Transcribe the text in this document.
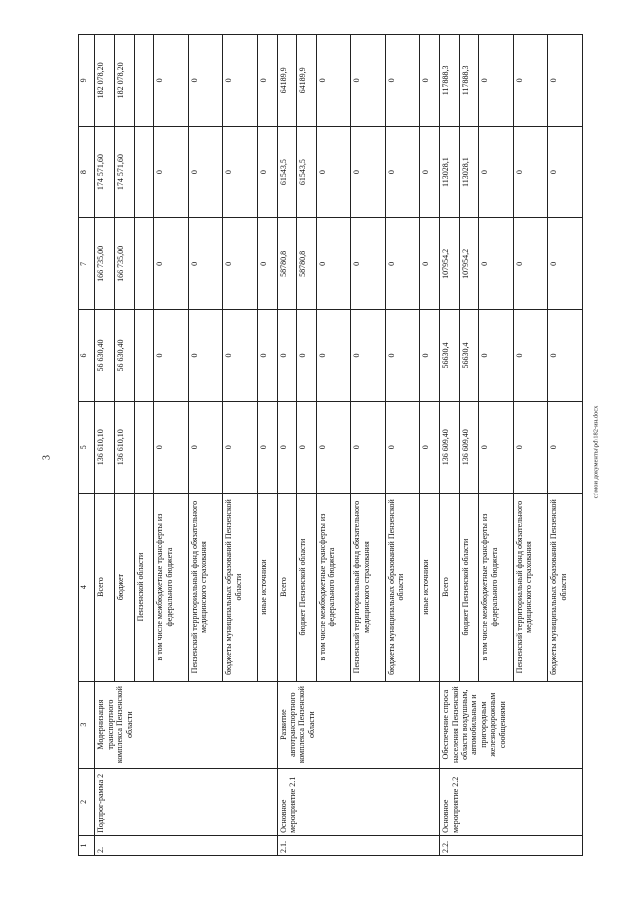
3	c:\мои документы\pd\182-ин.docx
1	2	3	4	5	6	7	8	9
2.	Подпрог-рамма 2	Модернизация транспортного комплекса Пензенской области	Всего	136 610,10	56 630,40	166 735,00	174 571,60	182 078,20
			бюджет	136 610,10	56 630,40	166 735,00	174 571,60	182 078,20
			Пензенской области					
			в том числе межбюджетные трансферты из федерального бюджета	0	0	0	0	0
			Пензенский территориальный фонд обязательного медицинского страхования	0	0	0	0	0
			бюджеты муниципальных образований Пензенской области	0	0	0	0	0
			иные источники	0	0	0	0	0
2.1.	Основное мероприятие 2.1	Развитие автотранспортного комплекса Пензенской области	Всего	0	0	58780,8	61543,5	64189,9
			бюджет Пензенской области	0	0	58780,8	61543,5	64189,9
			в том числе межбюджетные трансферты из федерального бюджета	0	0	0	0	0
			Пензенский территориальный фонд обязательного медицинского страхования	0	0	0	0	0
			бюджеты муниципальных образований Пензенской области	0	0	0	0	0
			иные источники	0	0	0	0	0
2.2.	Основное мероприятие 2.2	Обеспечение спроса населения Пензенской области воздушным, автомобильным и пригородным железнодорожным сообщениями	Всего	136 609,40	56630,4	107954,2	113028,1	117888,3
			бюджет Пензенской области	136 609,40	56630,4	107954,2	113028,1	117888,3
			в том числе межбюджетные трансферты из федерального бюджета	0	0	0	0	0
			Пензенский территориальный фонд обязательного медицинского страхования	0	0	0	0	0
			бюджеты муниципальных образований Пензенской области	0	0	0	0	0
